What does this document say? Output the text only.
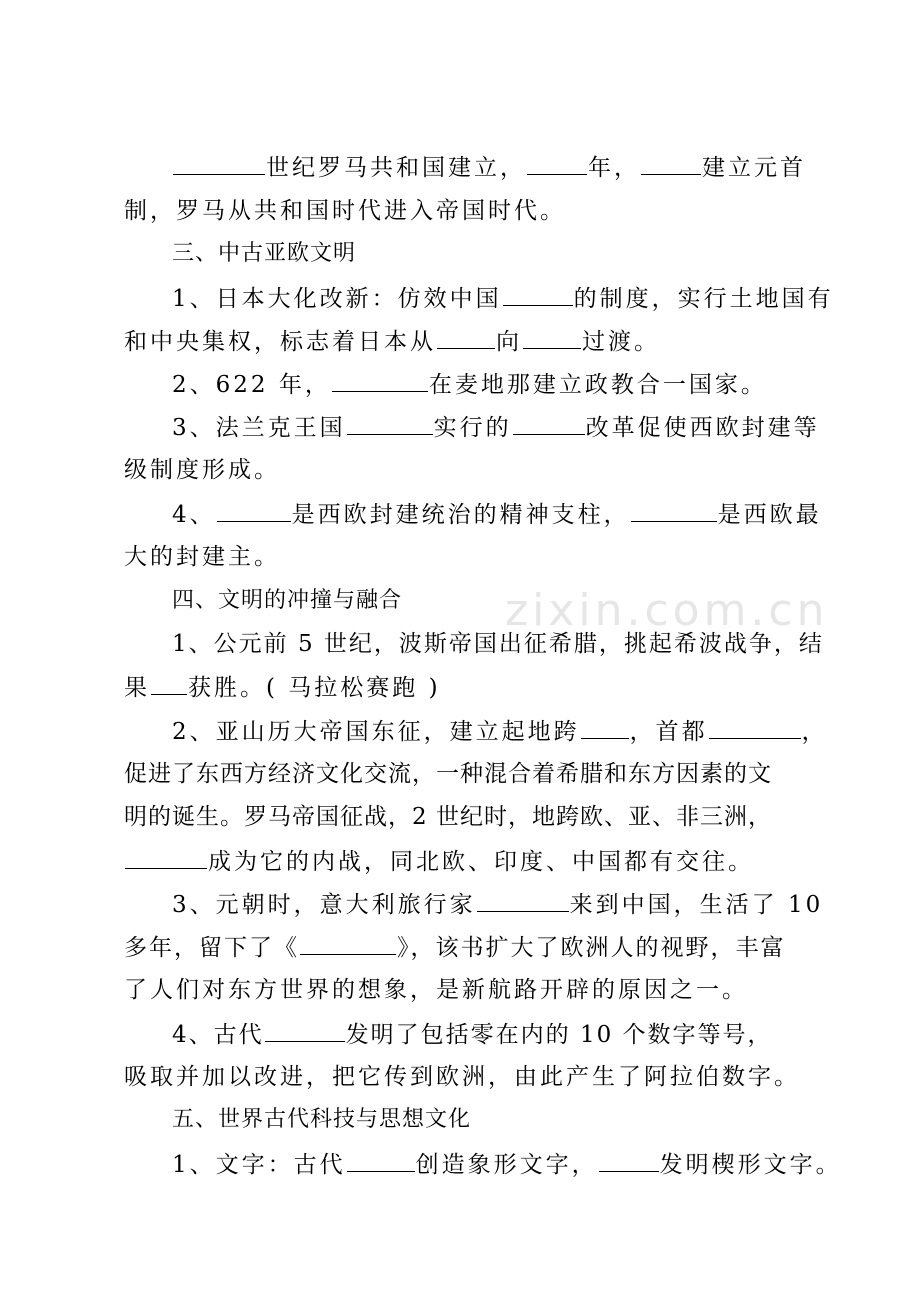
zixin.com.cn
世纪罗马共和国建立，	年，	建立元首
制，罗马从共和国时代进入帝国时代。
三、中古亚欧文明
1、日本大化改新：仿效中国	的制度，实行土地国有
和中央集权，标志着日本从	向	过渡。
2、622 年，	在麦地那建立政教合一国家。
3、法兰克王国	实行的	改革促使西欧封建等
级制度形成。
4、	是西欧封建统治的精神支柱，	是西欧最
大的封建主。
四、文明的冲撞与融合
1、公元前 5 世纪，波斯帝国出征希腊，挑起希波战争，结
果 获胜。( 马拉松赛跑 )
2、亚山历大帝国东征，建立起地跨 ，首都	，
促进了东西方经济文化交流，一种混合着希腊和东方因素的文
明的诞生。罗马帝国征战，2 世纪时，地跨欧、亚、非三洲，
成为它的内战，同北欧、印度、中国都有交往。
3、元朝时，意大利旅行家	来到中国，生活了 10
多年，留下了《	》，该书扩大了欧洲人的视野，丰富
了人们对东方世界的想象，是新航路开辟的原因之一。
4、古代	发明了包括零在内的 10 个数字等号，
吸取并加以改进，把它传到欧洲，由此产生了阿拉伯数字。
五、世界古代科技与思想文化
1、文字：古代	创造象形文字，	发明楔形文字。
